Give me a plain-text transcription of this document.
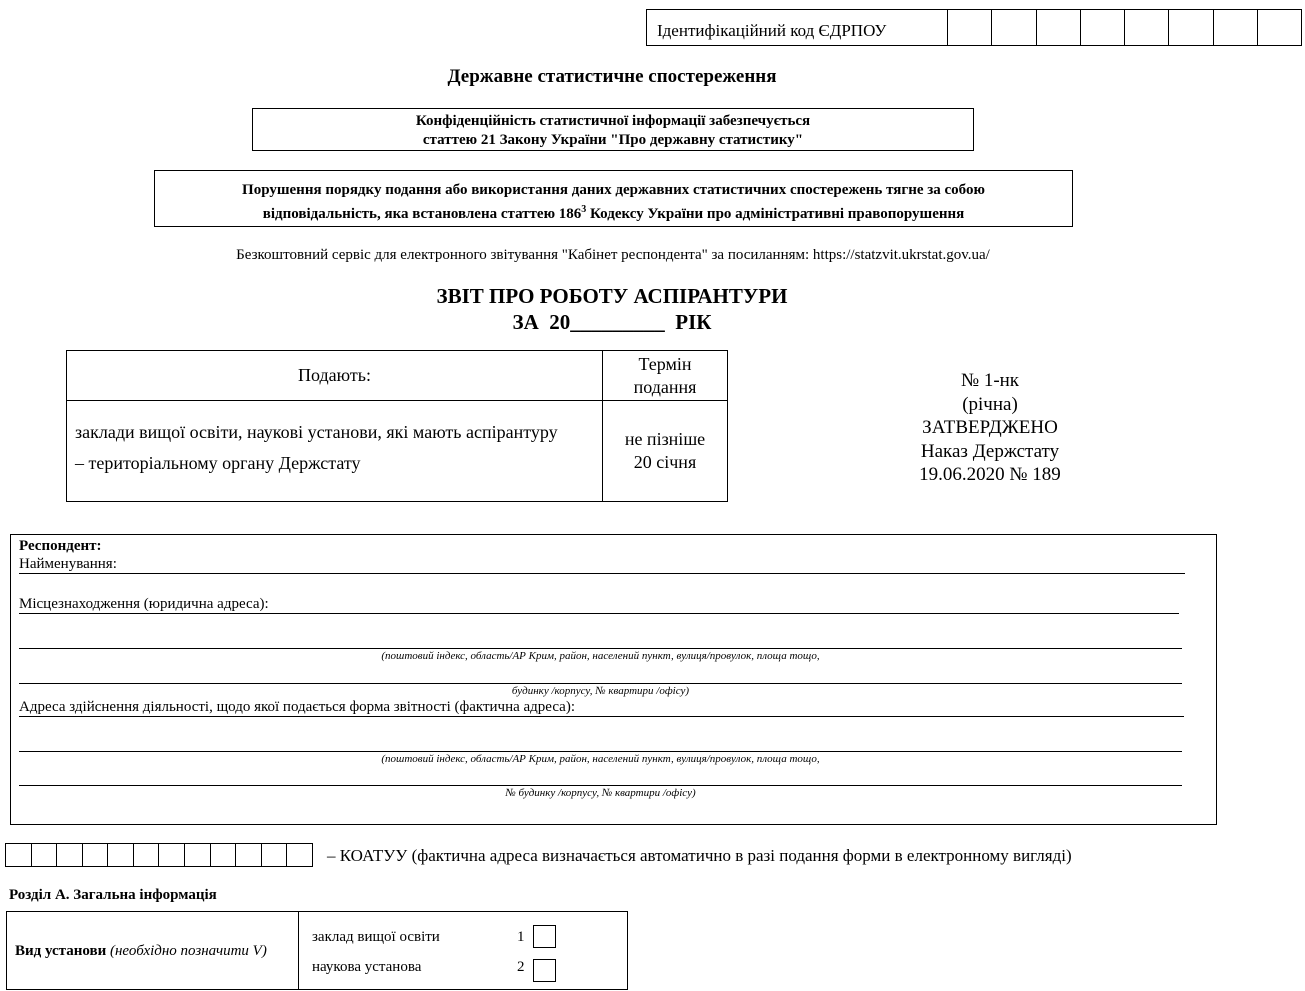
Ідентифікаційний код ЄДРПОУ
Державне статистичне спостереження
Конфіденційність статистичної інформації забезпечується
статтею 21 Закону України "Про державну статистику"
Порушення порядку подання або використання даних державних статистичних спостережень тягне за собою
відповідальність, яка встановлена статтею $186^3$ Кодексу України про адміністративні правопорушення
Безкоштовний сервіс для електронного звітування "Кабінет респондента" за посиланням: https://statzvit.ukrstat.gov.ua/
ЗВІТ ПРО РОБОТУ АСПІРАНТУРИ
ЗА  20_________  РІК
Подають:	Термін подання

заклади вищої освіти, наукові установи, які мають аспірантуру
– територіальному органу Держстату	не пізніше 20 січня
№ 1-нк
(річна)
ЗАТВЕРДЖЕНО
Наказ Держстату
19.06.2020 № 189
Респондент:
Найменування:
Місцезнаходження (юридична адреса):
(поштовий індекс, область/АР Крим, район, населений пункт, вулиця/провулок, площа тощо,
будинку /корпусу, № квартири /офісу)
Адреса здійснення діяльності, щодо якої подається форма звітності (фактична адреса):
(поштовий індекс, область/АР Крим, район, населений пункт, вулиця/провулок, площа тощо,
№ будинку /корпусу, № квартири /офісу)
– КОАТУУ (фактична адреса визначається автоматично в разі подання форми в електронному вигляді)
Розділ А. Загальна інформація
Вид установи (необхідно позначити V)
заклад вищої освіти	1
наукова установа	2
